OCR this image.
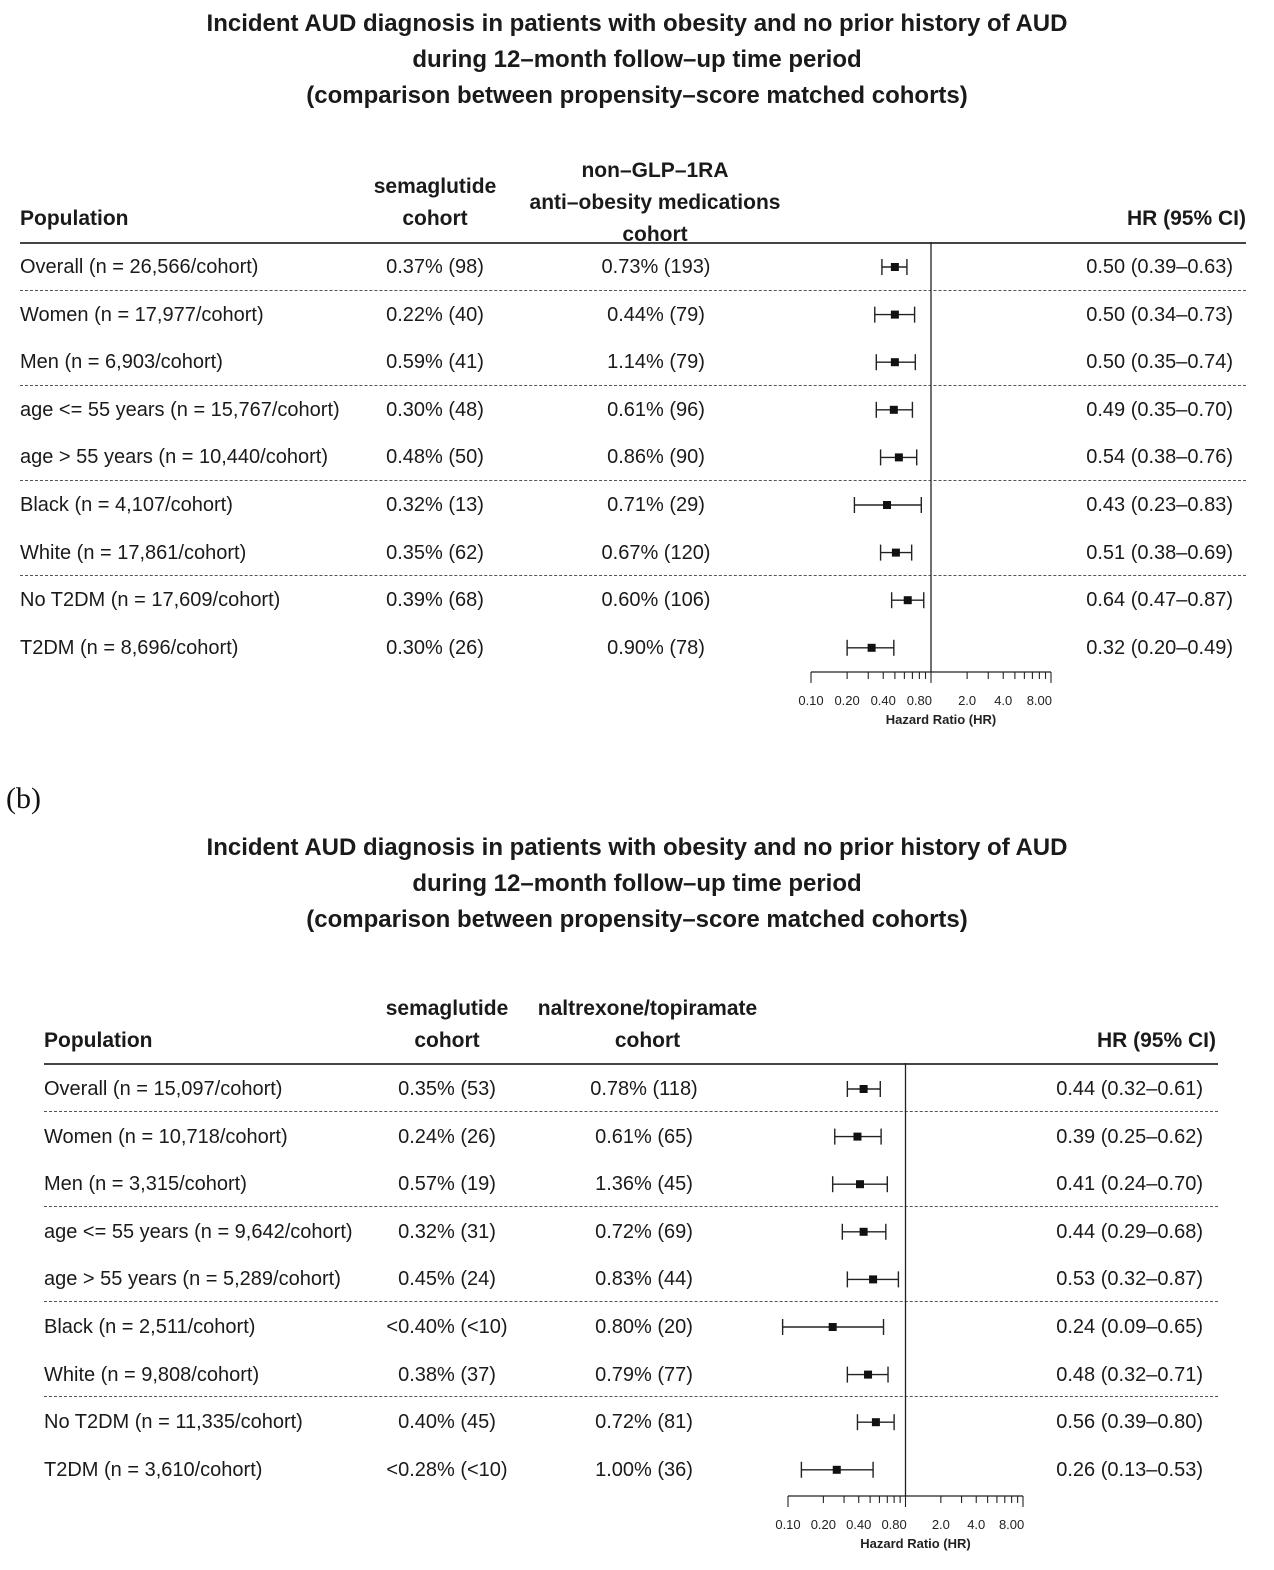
Incident AUD diagnosis in patients with obesity and no prior history of AUD
during 12–month follow–up time period
(comparison between propensity–score matched cohorts)
Population
semaglutide
cohort
non–GLP–1RA
anti–obesity medications
cohort
HR (95% CI)
Overall (n = 26,566/cohort)	0.37% (98)	0.73% (193)	0.50 (0.39–0.63)
Women (n = 17,977/cohort)	0.22% (40)	0.44% (79)	0.50 (0.34–0.73)
Men (n = 6,903/cohort)	0.59% (41)	1.14% (79)	0.50 (0.35–0.74)
age <= 55 years (n = 15,767/cohort)	0.30% (48)	0.61% (96)	0.49 (0.35–0.70)
age > 55 years (n = 10,440/cohort)	0.48% (50)	0.86% (90)	0.54 (0.38–0.76)
Black (n = 4,107/cohort)	0.32% (13)	0.71% (29)	0.43 (0.23–0.83)
White (n = 17,861/cohort)	0.35% (62)	0.67% (120)	0.51 (0.38–0.69)
No T2DM (n = 17,609/cohort)	0.39% (68)	0.60% (106)	0.64 (0.47–0.87)
T2DM (n = 8,696/cohort)	0.30% (26)	0.90% (78)	0.32 (0.20–0.49)
0.10 0.20 0.40 0.80 2.0 4.0 8.00
Hazard Ratio (HR)
(b)
Incident AUD diagnosis in patients with obesity and no prior history of AUD
during 12–month follow–up time period
(comparison between propensity–score matched cohorts)
Population
semaglutide
cohort
naltrexone/topiramate
cohort	HR (95% CI)
Overall (n = 15,097/cohort)	0.35% (53)	0.78% (118)	0.44 (0.32–0.61)
Women (n = 10,718/cohort)	0.24% (26)	0.61% (65)	0.39 (0.25–0.62)
Men (n = 3,315/cohort)	0.57% (19)	1.36% (45)	0.41 (0.24–0.70)
age <= 55 years (n = 9,642/cohort)	0.32% (31)	0.72% (69)	0.44 (0.29–0.68)
age > 55 years (n = 5,289/cohort)	0.45% (24)	0.83% (44)	0.53 (0.32–0.87)
Black (n = 2,511/cohort)	<0.40% (<10)	0.80% (20)	0.24 (0.09–0.65)
White (n = 9,808/cohort)	0.38% (37)	0.79% (77)	0.48 (0.32–0.71)
No T2DM (n = 11,335/cohort)	0.40% (45)	0.72% (81)	0.56 (0.39–0.80)
T2DM (n = 3,610/cohort)	<0.28% (<10)	1.00% (36)	0.26 (0.13–0.53)
0.10 0.20 0.40 0.80 2.0 4.0 8.00
Hazard Ratio (HR)
